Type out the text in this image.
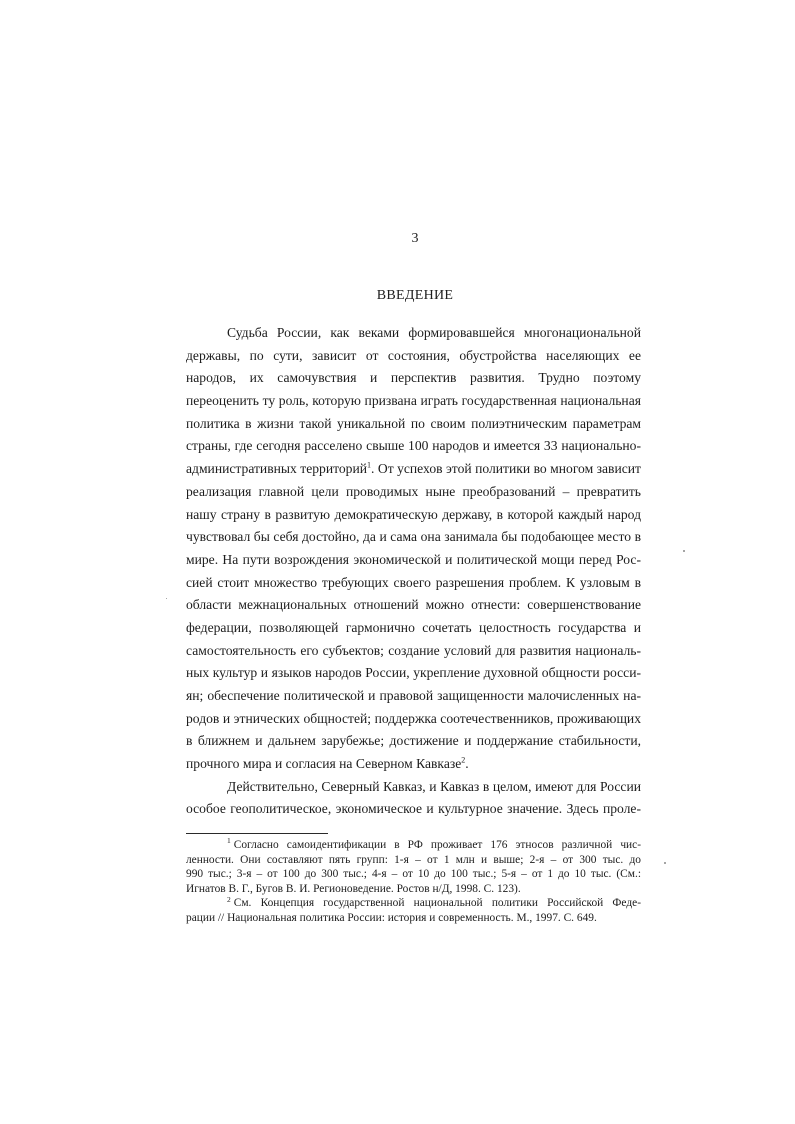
3
ВВЕДЕНИЕ
Судьба России, как веками формировавшейся многонациональной
державы, по сути, зависит от состояния, обустройства населяющих ее
народов, их самочувствия и перспектив развития. Трудно поэтому
переоценить ту роль, которую призвана играть государственная национальная
политика в жизни такой уникальной по своим полиэтническим параметрам
страны, где сегодня расселено свыше 100 народов и имеется 33 национально-
административных территорий$^1$. От успехов этой политики во многом зависит
реализация главной цели проводимых ныне преобразований – превратить
нашу страну в развитую демократическую державу, в которой каждый народ
чувствовал бы себя достойно, да и сама она занимала бы подобающее место в
мире. На пути возрождения экономической и политической мощи перед Рос-
сией стоит множество требующих своего разрешения проблем. К узловым в
области межнациональных отношений можно отнести: совершенствование
федерации, позволяющей гармонично сочетать целостность государства и
самостоятельность его субъектов; создание условий для развития националь-
ных культур и языков народов России, укрепление духовной общности росси-
ян; обеспечение политической и правовой защищенности малочисленных на-
родов и этнических общностей; поддержка соотечественников, проживающих
в ближнем и дальнем зарубежье; достижение и поддержание стабильности,
прочного мира и согласия на Северном Кавказе$^2$.
Действительно, Северный Кавказ, и Кавказ в целом, имеют для России
особое геополитическое, экономическое и культурное значение. Здесь проле-
$^1$ Согласно самоидентификации в РФ проживает 176 этносов различной чис-
ленности. Они составляют пять групп: 1-я – от 1 млн и выше; 2-я – от 300 тыс. до
990 тыс.; 3-я – от 100 до 300 тыс.; 4-я – от 10 до 100 тыс.; 5-я – от 1 до 10 тыс. (См.:
Игнатов В. Г., Бугов В. И. Регионоведение. Ростов н/Д, 1998. С. 123).
$^2$ См. Концепция государственной национальной политики Российской Феде-
рации // Национальная политика России: история и современность. М., 1997. С. 649.
